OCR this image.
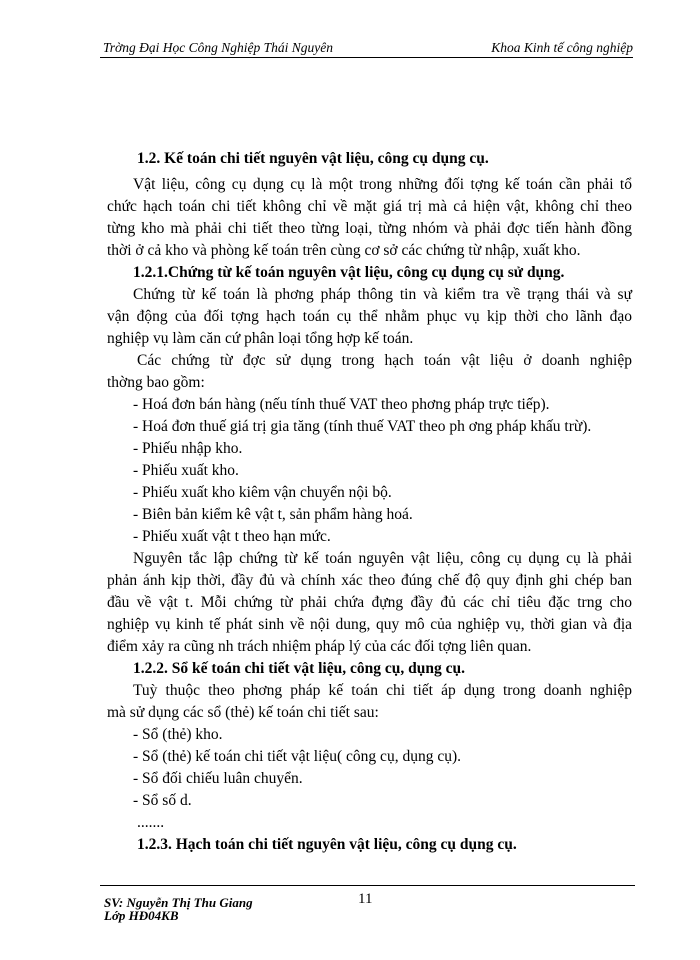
Trờng Đại Học Công Nghiệp Thái Nguyên	Khoa Kinh tế công nghiệp
1.2. Kế toán chi tiết nguyên vật liệu, công cụ dụng cụ.
Vật liệu, công cụ dụng cụ là một trong những đối tợng kế toán cần phải tổ
chức hạch toán chi tiết không chỉ về mặt giá trị mà cả hiện vật, không chỉ theo
từng kho mà phải chi tiết theo từng loại, từng nhóm và phải đợc tiến hành đồng
thời ở cả kho và phòng kế toán trên cùng cơ sở các chứng từ nhập, xuất kho.
1.2.1.Chứng từ kế toán nguyên vật liệu, công cụ dụng cụ sử dụng.
Chứng từ kế toán là phơng pháp thông tin và kiểm tra về trạng thái và sự
vận động của đối tợng hạch toán cụ thể nhằm phục vụ kịp thời cho lãnh đạo
nghiệp vụ làm căn cứ phân loại tổng hợp kế toán.
Các chứng từ đợc sử dụng trong hạch toán vật liệu ở doanh nghiệp
thờng bao gồm:
- Hoá đơn bán hàng (nếu tính thuế VAT theo phơng pháp trực tiếp).
- Hoá đơn thuế giá trị gia tăng (tính thuế VAT theo ph ơng pháp khấu trừ).
- Phiếu nhập kho.
- Phiếu xuất kho.
- Phiếu xuất kho kiêm vận chuyển nội bộ.
- Biên bản kiểm kê vật t, sản phẩm hàng hoá.
- Phiếu xuất vật t theo hạn mức.
Nguyên tắc lập chứng từ kế toán nguyên vật liệu, công cụ dụng cụ là phải
phản ánh kịp thời, đầy đủ và chính xác theo đúng chế độ quy định ghi chép ban
đầu về vật t. Mỗi chứng từ phải chứa đựng đầy đủ các chỉ tiêu đặc trng cho
nghiệp vụ kinh tế phát sinh về nội dung, quy mô của nghiệp vụ, thời gian và địa
điểm xảy ra cũng nh trách nhiệm pháp lý của các đối tợng liên quan.
1.2.2. Sổ kế toán chi tiết vật liệu, công cụ, dụng cụ.
Tuỳ thuộc theo phơng pháp kế toán chi tiết áp dụng trong doanh nghiệp
mà sử dụng các sổ (thẻ) kế toán chi tiết sau:
- Sổ (thẻ) kho.
- Sổ (thẻ) kế toán chi tiết vật liệu( công cụ, dụng cụ).
- Sổ đối chiếu luân chuyển.
- Sổ số d.
.......
1.2.3. Hạch toán chi tiết nguyên vật liệu, công cụ dụng cụ.
SV: Nguyễn Thị Thu Giang
Lớp HĐ04KB
11
